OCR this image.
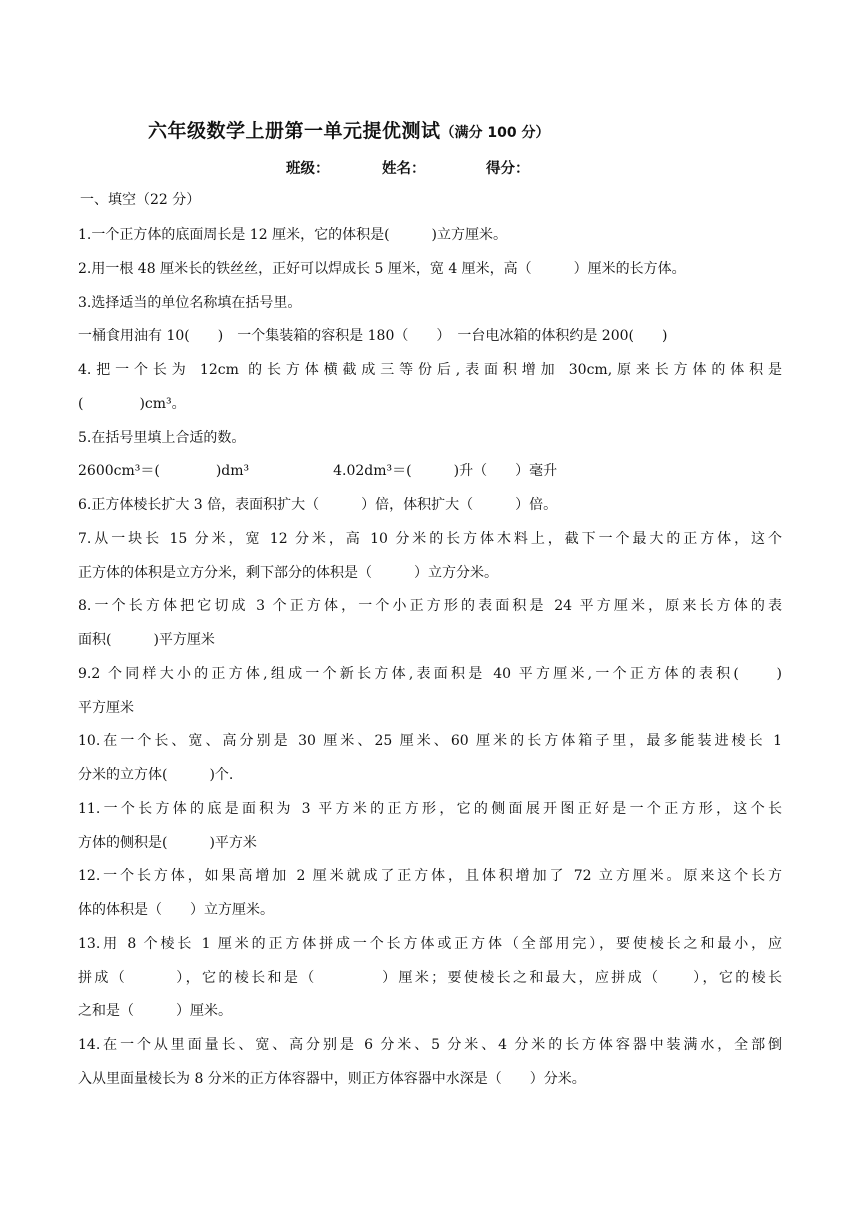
六年级数学上册第一单元提优测试（满分 100 分）
班级：	姓名：	得分：
一、填空（22 分）
1.一个正方体的底面周长是 12 厘米，它的体积是(　　　)立方厘米。
2.用一根 48 厘米长的铁丝丝，正好可以焊成长 5 厘米，宽 4 厘米，高（　　　）厘米的长方体。
3.选择适当的单位名称填在括号里。
一桶食用油有 10(　　)　一个集装箱的容积是 180（　　）　一台电冰箱的体积约是 200(　　)
4.把一个长为 12cm 的长方体横截成三等份后,表面积增加 30cm,原来长方体的体积是
(　　　　)cm³。
5.在括号里填上合适的数。
2600cm³＝(　　　　)dm³　　　　　　4.02dm³＝(　　　)升（　　）毫升
6.正方体棱长扩大 3 倍，表面积扩大（　　　）倍，体积扩大（　　　）倍。
7.从一块长 15 分米，宽 12 分米，高 10 分米的长方体木料上，截下一个最大的正方体，这个
正方体的体积是立方分米，剩下部分的体积是（　　　）立方分米。
8.一个长方体把它切成 3 个正方体，一个小正方形的表面积是 24 平方厘米，原来长方体的表
面积(　　　)平方厘米
9.2 个同样大小的正方体,组成一个新长方体,表面积是 40 平方厘米,一个正方体的表积(　　)
平方厘米
10.在一个长、宽、高分别是 30 厘米、25 厘米、60 厘米的长方体箱子里，最多能装进棱长 1
分米的立方体(　　　)个.
11.一个长方体的底是面积为 3 平方米的正方形，它的侧面展开图正好是一个正方形，这个长
方体的侧积是(　　　)平方米
12.一个长方体，如果高增加 2 厘米就成了正方体，且体积增加了 72 立方厘米。原来这个长方
体的体积是（　　）立方厘米。
13.用 8 个棱长 1 厘米的正方体拼成一个长方体或正方体（全部用完），要使棱长之和最小，应
拼成（　　　），它的棱长和是（　　　　）厘米；要使棱长之和最大，应拼成（　　），它的棱长
之和是（　　　）厘米。
14.在一个从里面量长、宽、高分别是 6 分米、5 分米、4 分米的长方体容器中装满水，全部倒
入从里面量棱长为 8 分米的正方体容器中，则正方体容器中水深是（　　）分米。
